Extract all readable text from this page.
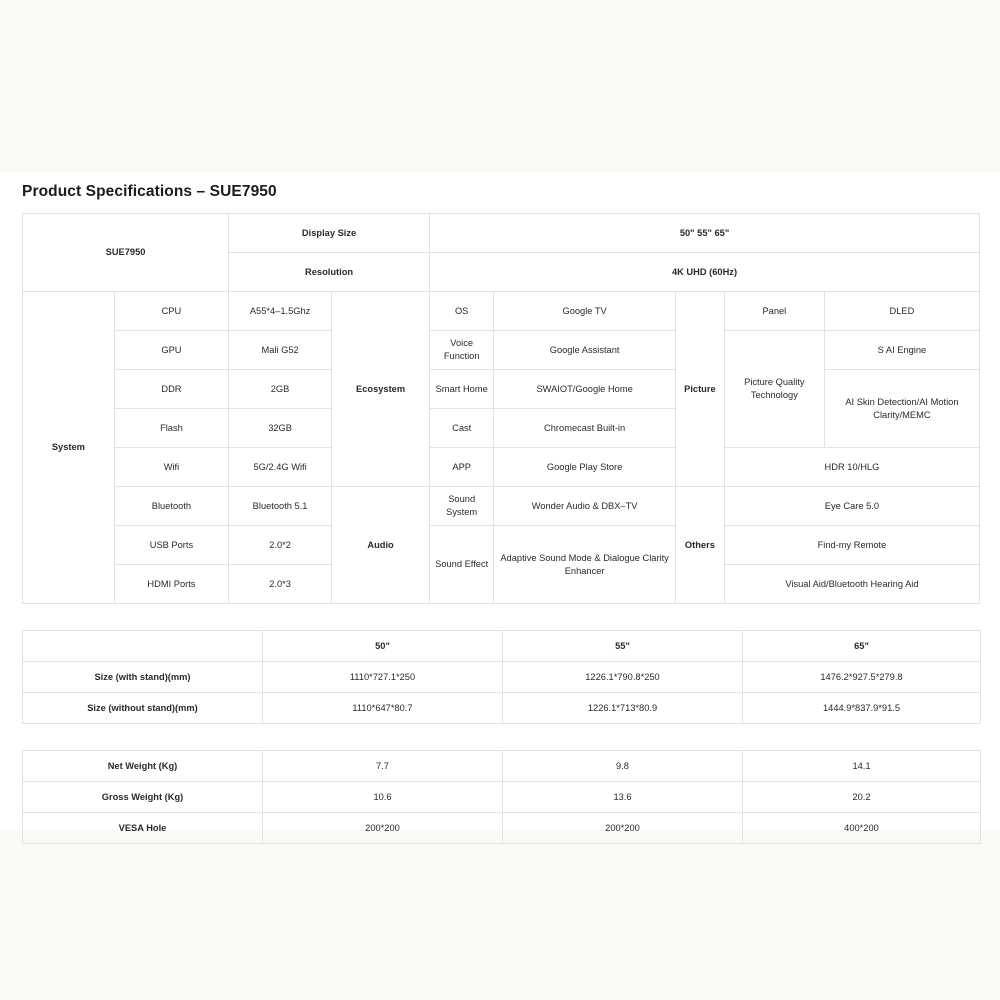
Product Specifications – SUE7950
SUE7950		Display Size		50" 55" 65"				
		Resolution		4K UHD (60Hz)				
System	CPU	A55*4–1.5Ghz	Ecosystem	OS	Google TV	Picture	Panel	DLED
	GPU	Mali G52		Voice Function	Google Assistant		Picture Quality Technology	S AI Engine
	DDR	2GB		Smart Home	SWAIOT/Google Home			AI Skin Detection/AI Motion Clarity/MEMC
	Flash	32GB		Cast	Chromecast Built-in			
	Wifi	5G/2.4G Wifi		APP	Google Play Store		HDR 10/HLG	
	Bluetooth	Bluetooth 5.1	Audio	Sound System	Wonder Audio & DBX–TV	Others	Eye Care 5.0	
	USB Ports	2.0*2		Sound Effect	Adaptive Sound Mode & Dialogue Clarity Enhancer		Find-my Remote	
	HDMI Ports	2.0*3					Visual Aid/Bluetooth Hearing Aid	
	50"	55"	65"
Size (with stand)(mm)	1110*727.1*250	1226.1*790.8*250	1476.2*927.5*279.8
Size (without stand)(mm)	1110*647*80.7	1226.1*713*80.9	1444.9*837.9*91.5
Net Weight (Kg)	7.7	9.8	14.1
Gross Weight (Kg)	10.6	13.6	20.2
VESA Hole	200*200	200*200	400*200
